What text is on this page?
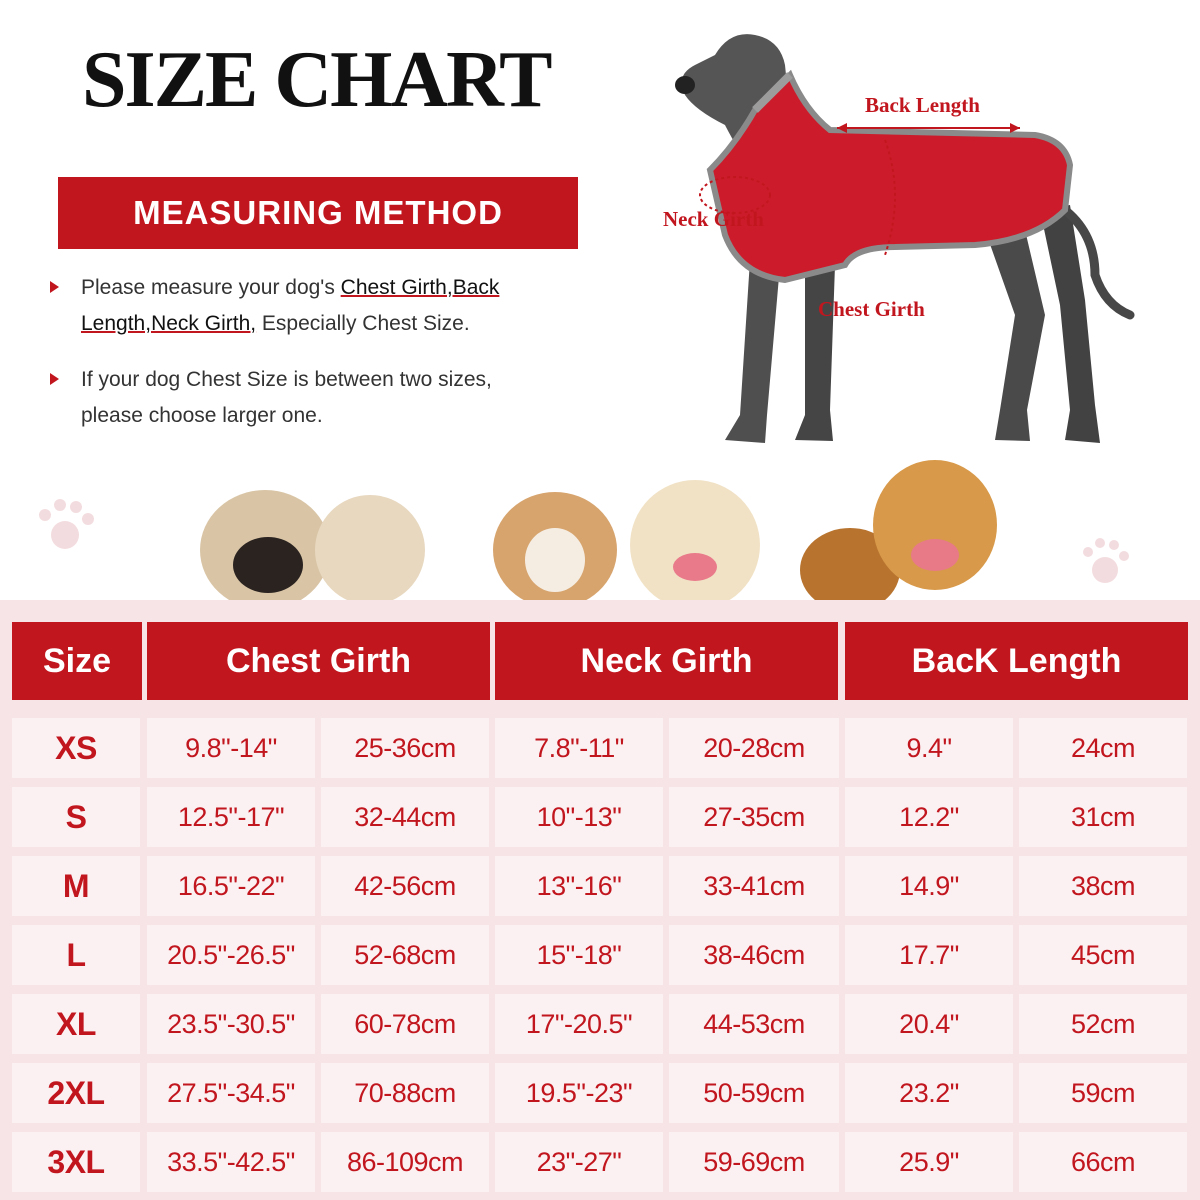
SIZE CHART
MEASURING METHOD
Please measure your dog's Chest Girth,Back
Length,Neck Girth, Especially Chest Size.
If your dog Chest Size is between two sizes,
please choose larger one.
Back Length
Neck Girth
Chest Girth
Size	Chest Girth	Neck Girth	BacK Length
XS	9.8"-14"	25-36cm	7.8"-11"	20-28cm	9.4"	24cm
S	12.5"-17"	32-44cm	10"-13"	27-35cm	12.2"	31cm
M	16.5"-22"	42-56cm	13"-16"	33-41cm	14.9"	38cm
L	20.5"-26.5"	52-68cm	15"-18"	38-46cm	17.7"	45cm
XL	23.5"-30.5"	60-78cm	17"-20.5"	44-53cm	20.4"	52cm
2XL	27.5"-34.5"	70-88cm	19.5"-23"	50-59cm	23.2"	59cm
3XL	33.5"-42.5"	86-109cm	23"-27"	59-69cm	25.9"	66cm
